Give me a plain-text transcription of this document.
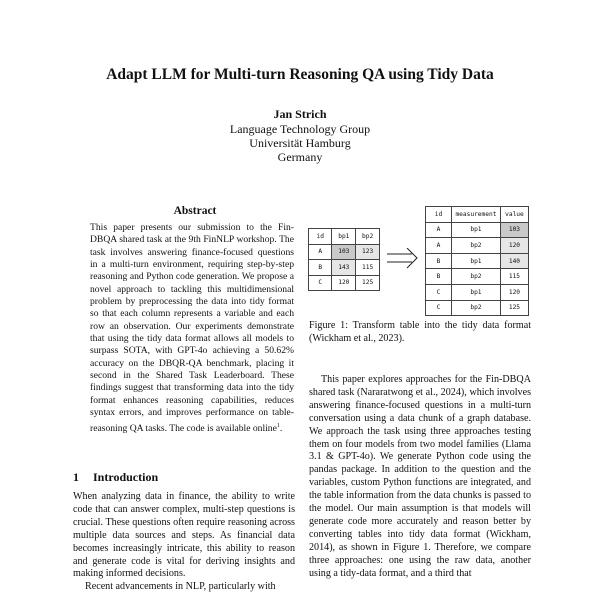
Adapt LLM for Multi-turn Reasoning QA using Tidy Data
Jan Strich
Language Technology Group
Universität Hamburg
Germany
Abstract
This paper presents our submission to the Fin-DBQA shared task at the 9th FinNLP workshop. The task involves answering finance-focused questions in a multi-turn environment, requiring step-by-step reasoning and Python code generation. We propose a novel approach to tackling this multidimensional problem by preprocessing the data into tidy format so that each column represents a variable and each row an observation. Our experiments demonstrate that using the tidy data format allows all models to surpass SOTA, with GPT-4o achieving a 50.62% accuracy on the DBQR-QA benchmark, placing it second in the Shared Task Leaderboard. These findings suggest that transforming data into the tidy format enhances reasoning capabilities, reduces syntax errors, and improves performance on table-reasoning QA tasks. The code is available online$^1$.
1 Introduction

When analyzing data in finance, the ability to write code that can answer complex, multi-step questions is crucial. These questions often require reasoning across multiple data sources and steps. As financial data becomes increasingly intricate, this ability to reason and generate code is vital for deriving insights and making informed decisions.

Recent advancements in NLP, particularly with

id	bp1	bp2
A	103	123
B	143	115
C	120	125
id	measurement	value
A	bp1	103
A	bp2	120
B	bp1	140
B	bp2	115
C	bp1	120
C	bp2	125
Figure 1: Transform table into the tidy data format (Wickham et al., 2023).
This paper explores approaches for the Fin-DBQA shared task (Nararatwong et al., 2024), which involves answering finance-focused questions in a multi-turn conversation using a data chunk of a graph database. We approach the task using three approaches testing them on four models from two model families (Llama 3.1 & GPT-4o). We generate Python code using the pandas package. In addition to the question and the variables, custom Python functions are integrated, and the table information from the data chunks is passed to the model. Our main assumption is that models will generate code more accurately and reason better by converting tables into tidy data format (Wickham, 2014), as shown in Figure 1. Therefore, we compare three approaches: one using the raw data, another using a tidy-data format, and a third that
